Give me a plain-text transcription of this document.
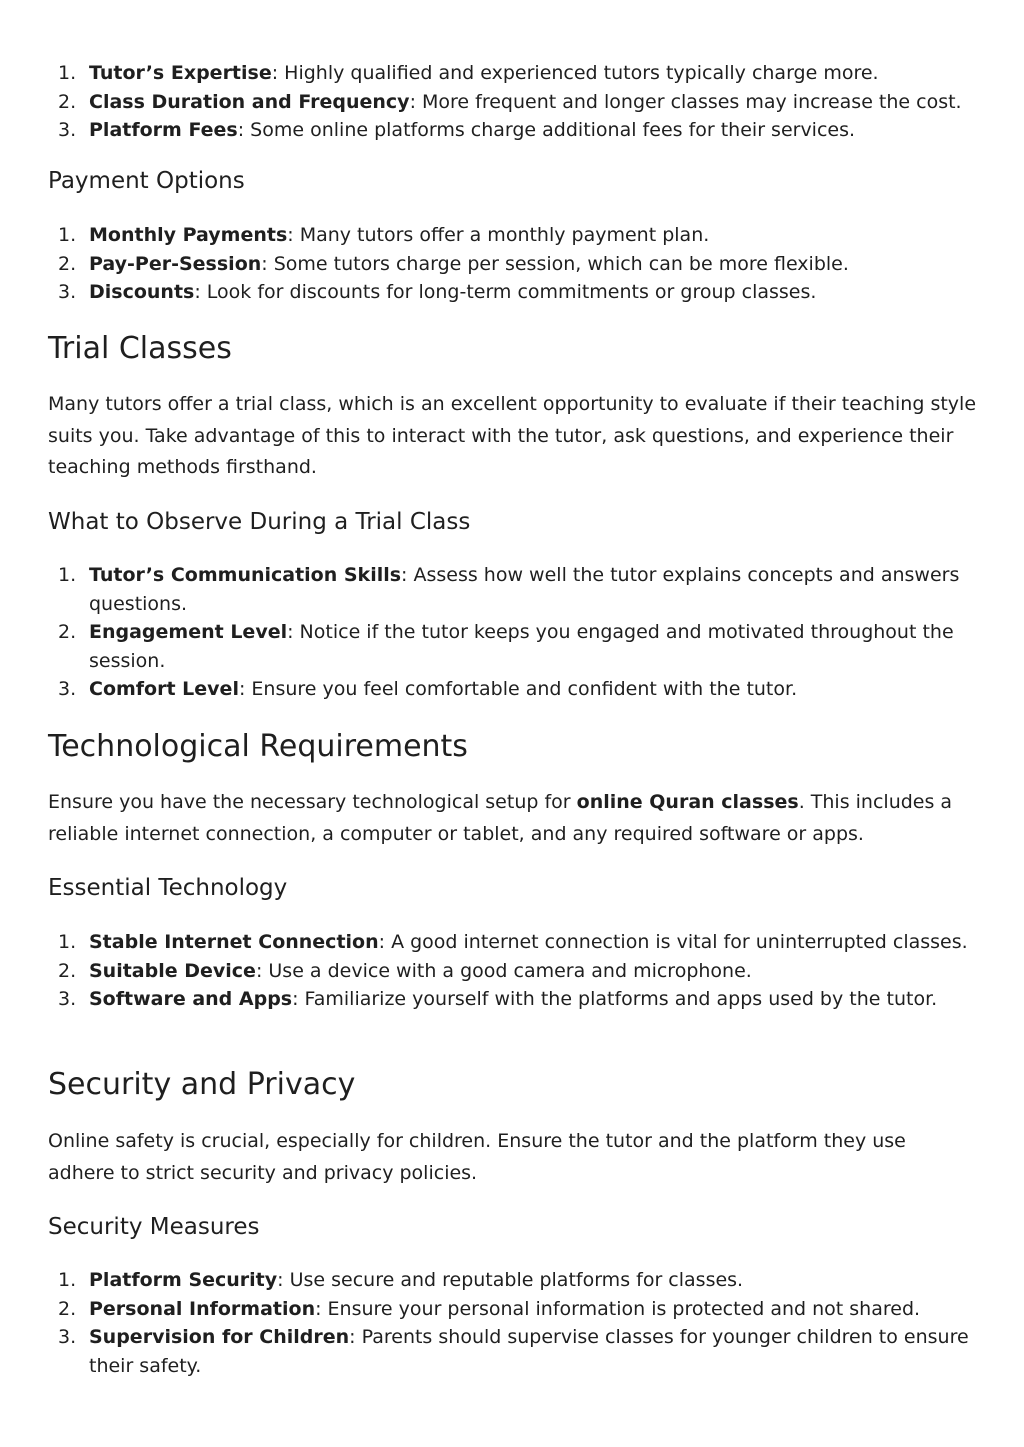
1. Tutor’s Expertise: Highly qualified and experienced tutors typically charge more.
2. Class Duration and Frequency: More frequent and longer classes may increase the cost.
3. Platform Fees: Some online platforms charge additional fees for their services.
Payment Options
1. Monthly Payments: Many tutors offer a monthly payment plan.
2. Pay-Per-Session: Some tutors charge per session, which can be more flexible.
3. Discounts: Look for discounts for long-term commitments or group classes.
Trial Classes

Many tutors offer a trial class, which is an excellent opportunity to evaluate if their teaching style suits you. Take advantage of this to interact with the tutor, ask questions, and experience their teaching methods firsthand.

What to Observe During a Trial Class
1. Tutor’s Communication Skills: Assess how well the tutor explains concepts and answers questions.
2. Engagement Level: Notice if the tutor keeps you engaged and motivated throughout the session.
3. Comfort Level: Ensure you feel comfortable and confident with the tutor.
Technological Requirements

Ensure you have the necessary technological setup for online Quran classes. This includes a reliable internet connection, a computer or tablet, and any required software or apps.

Essential Technology
1. Stable Internet Connection: A good internet connection is vital for uninterrupted classes.
2. Suitable Device: Use a device with a good camera and microphone.
3. Software and Apps: Familiarize yourself with the platforms and apps used by the tutor.
Security and Privacy

Online safety is crucial, especially for children. Ensure the tutor and the platform they use adhere to strict security and privacy policies.

Security Measures
1. Platform Security: Use secure and reputable platforms for classes.
2. Personal Information: Ensure your personal information is protected and not shared.
3. Supervision for Children: Parents should supervise classes for younger children to ensure their safety.
